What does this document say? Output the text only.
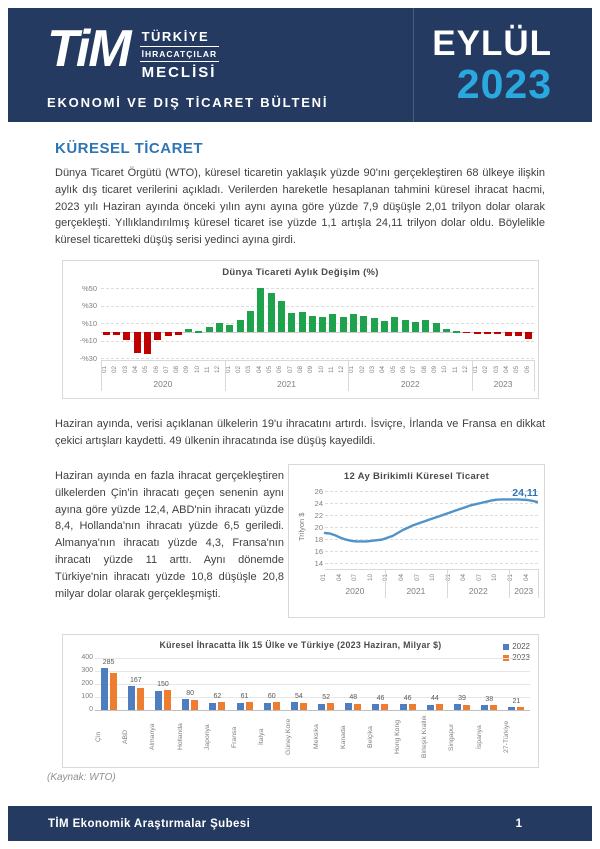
TiM TÜRKİYE
İHRACATÇILAR
MECLİSİ
EKONOMİ VE DIŞ TİCARET BÜLTENİ
EYLÜL
2023
KÜRESEL TİCARET

Dünya Ticaret Örgütü (WTO), küresel ticaretin yaklaşık yüzde 90'ını gerçekleştiren 68 ülkeye ilişkin aylık dış ticaret verilerini açıkladı. Verilerden hareketle hesaplanan tahmini küresel ihracat hacmi, 2023 yılı Haziran ayında önceki yılın aynı ayına göre yüzde 7,9 düşüşle 2,01 trilyon dolar olarak gerçekleşti. Yıllıklandırılmış küresel ticaret ise yüzde 1,1 artışla 24,11 trilyon dolar oldu. Böylelikle küresel ticaretteki düşüş serisi yedinci ayına girdi.

Dünya Ticareti Aylık Değişim (%)
%50
%30
%10
-%10
-%30
01 02 03 04 05 06 07 08 09 10 11 12 01 02 03 04 05 06 07 08 09 10 11 12 01 02 03 04 05 06 07 08 09 10 11 12 01 02 03 04 05 06
2020	2021	2022	2023

Haziran ayında, verisi açıklanan ülkelerin 19'u ihracatını artırdı. İsviçre, İrlanda ve Fransa en dikkat çekici artışları kaydetti. 49 ülkenin ihracatında ise düşüş kayedildi.

Haziran ayında en fazla ihracat gerçekleştiren ülkelerden Çin'in ihracatı geçen senenin aynı ayına göre yüzde 12,4, ABD'nin ihracatı yüzde 8,4, Hollanda'nın ihracatı yüzde 6,5 geriledi. Almanya'nın ihracatı yüzde 4,3, Fransa'nın ihracatı yüzde 11 arttı. Aynı dönemde Türkiye'nin ihracatı yüzde 10,8 düşüşle 20,8 milyar dolar olarak gerçekleşmişti.

12 Ay Birikimli Küresel Ticaret
Trilyon $
14
16
18
20
22
24
26	24,11
01	04	07	10	01	04	07	10	01	04	07	10	01	04
2020	2021	2022	2023
Küresel İhracatta İlk 15 Ülke ve Türkiye (2023 Haziran, Milyar $)	2022
2023
0
100
200
300
400
285
Çin
167
ABD
150
Almanya
80
Hollanda
62
Japonya
61
Fransa
60
İtalya
54
Güney Kore
52
Meksika
48
Kanada
46
Belçika
46
Hong Kong
44
Birleşik Krallık
39
Singapur
38
İspanya
21
27-Türkiye
(Kaynak: WTO)
TİM Ekonomik Araştırmalar Şubesi	1
